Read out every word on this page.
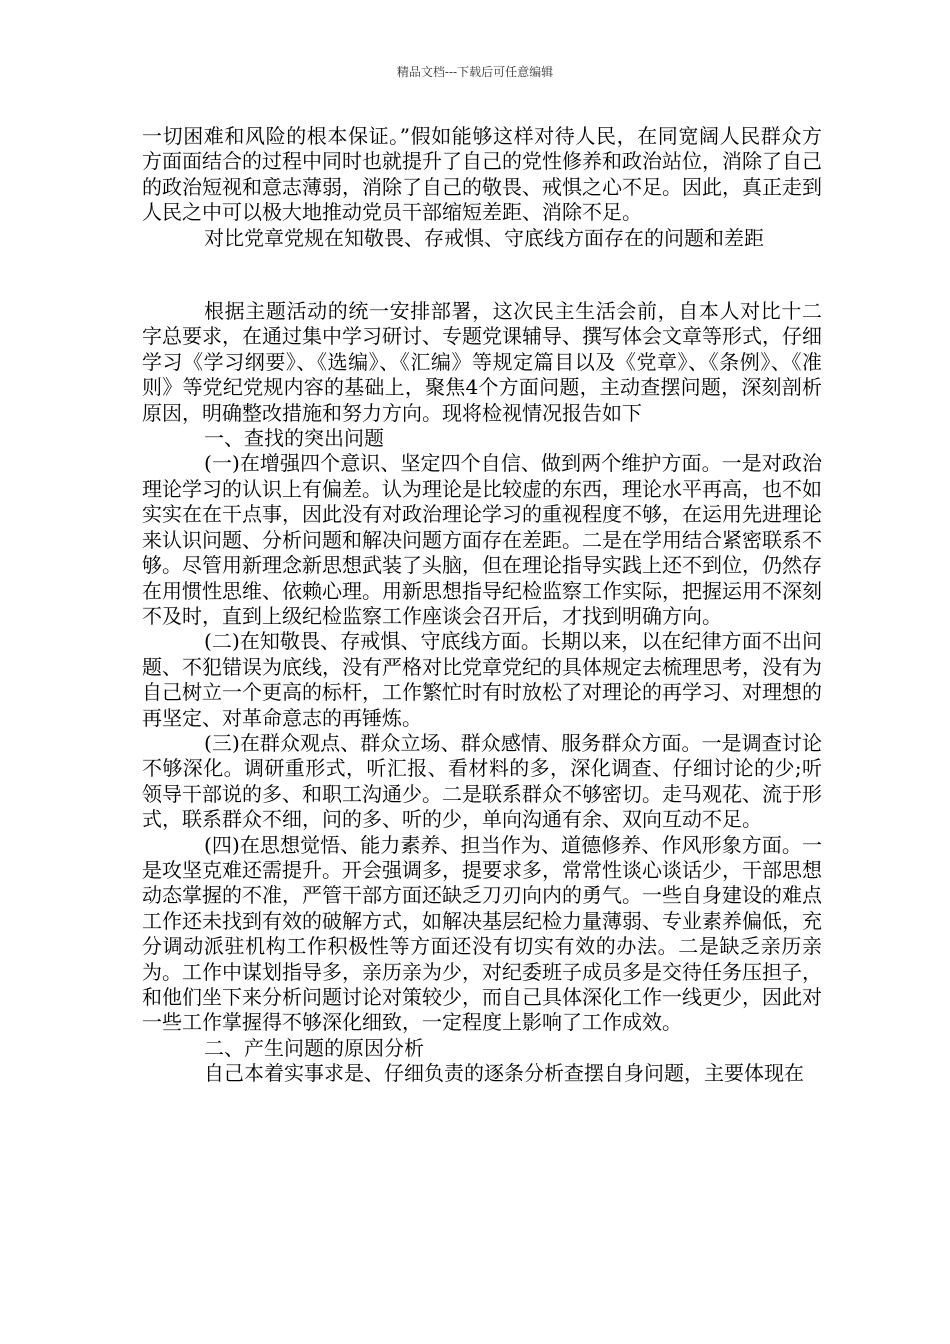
精品文档---下载后可任意编辑

一切困难和风险的根本保证。”假如能够这样对待人民，在同宽阔人民群众方方面面结合的过程中同时也就提升了自己的党性修养和政治站位，消除了自己的政治短视和意志薄弱，消除了自己的敬畏、戒惧之心不足。因此，真正走到人民之中可以极大地推动党员干部缩短差距、消除不足。

对比党章党规在知敬畏、存戒惧、守底线方面存在的问题和差距

根据主题活动的统一安排部署，这次民主生活会前，自本人对比十二字总要求，在通过集中学习研讨、专题党课辅导、撰写体会文章等形式，仔细学习《学习纲要》、《选编》、《汇编》等规定篇目以及《党章》、《条例》、《准则》等党纪党规内容的基础上，聚焦4个方面问题，主动查摆问题，深刻剖析原因，明确整改措施和努力方向。现将检视情况报告如下

一、查找的突出问题

(一)在增强四个意识、坚定四个自信、做到两个维护方面。一是对政治理论学习的认识上有偏差。认为理论是比较虚的东西，理论水平再高，也不如实实在在干点事，因此没有对政治理论学习的重视程度不够，在运用先进理论来认识问题、分析问题和解决问题方面存在差距。二是在学用结合紧密联系不够。尽管用新理念新思想武装了头脑，但在理论指导实践上还不到位，仍然存在用惯性思维、依赖心理。用新思想指导纪检监察工作实际，把握运用不深刻不及时，直到上级纪检监察工作座谈会召开后，才找到明确方向。

(二)在知敬畏、存戒惧、守底线方面。长期以来，以在纪律方面不出问题、不犯错误为底线，没有严格对比党章党纪的具体规定去梳理思考，没有为自己树立一个更高的标杆，工作繁忙时有时放松了对理论的再学习、对理想的再坚定、对革命意志的再锤炼。

(三)在群众观点、群众立场、群众感情、服务群众方面。一是调查讨论不够深化。调研重形式，听汇报、看材料的多，深化调查、仔细讨论的少;听领导干部说的多、和职工沟通少。二是联系群众不够密切。走马观花、流于形式，联系群众不细，问的多、听的少，单向沟通有余、双向互动不足。

(四)在思想觉悟、能力素养、担当作为、道德修养、作风形象方面。一是攻坚克难还需提升。开会强调多，提要求多，常常性谈心谈话少，干部思想动态掌握的不准，严管干部方面还缺乏刀刃向内的勇气。一些自身建设的难点工作还未找到有效的破解方式，如解决基层纪检力量薄弱、专业素养偏低，充分调动派驻机构工作积极性等方面还没有切实有效的办法。二是缺乏亲历亲为。工作中谋划指导多，亲历亲为少，对纪委班子成员多是交待任务压担子，和他们坐下来分析问题讨论对策较少，而自己具体深化工作一线更少，因此对一些工作掌握得不够深化细致，一定程度上影响了工作成效。

二、产生问题的原因分析

自己本着实事求是、仔细负责的逐条分析查摆自身问题，主要体现在
